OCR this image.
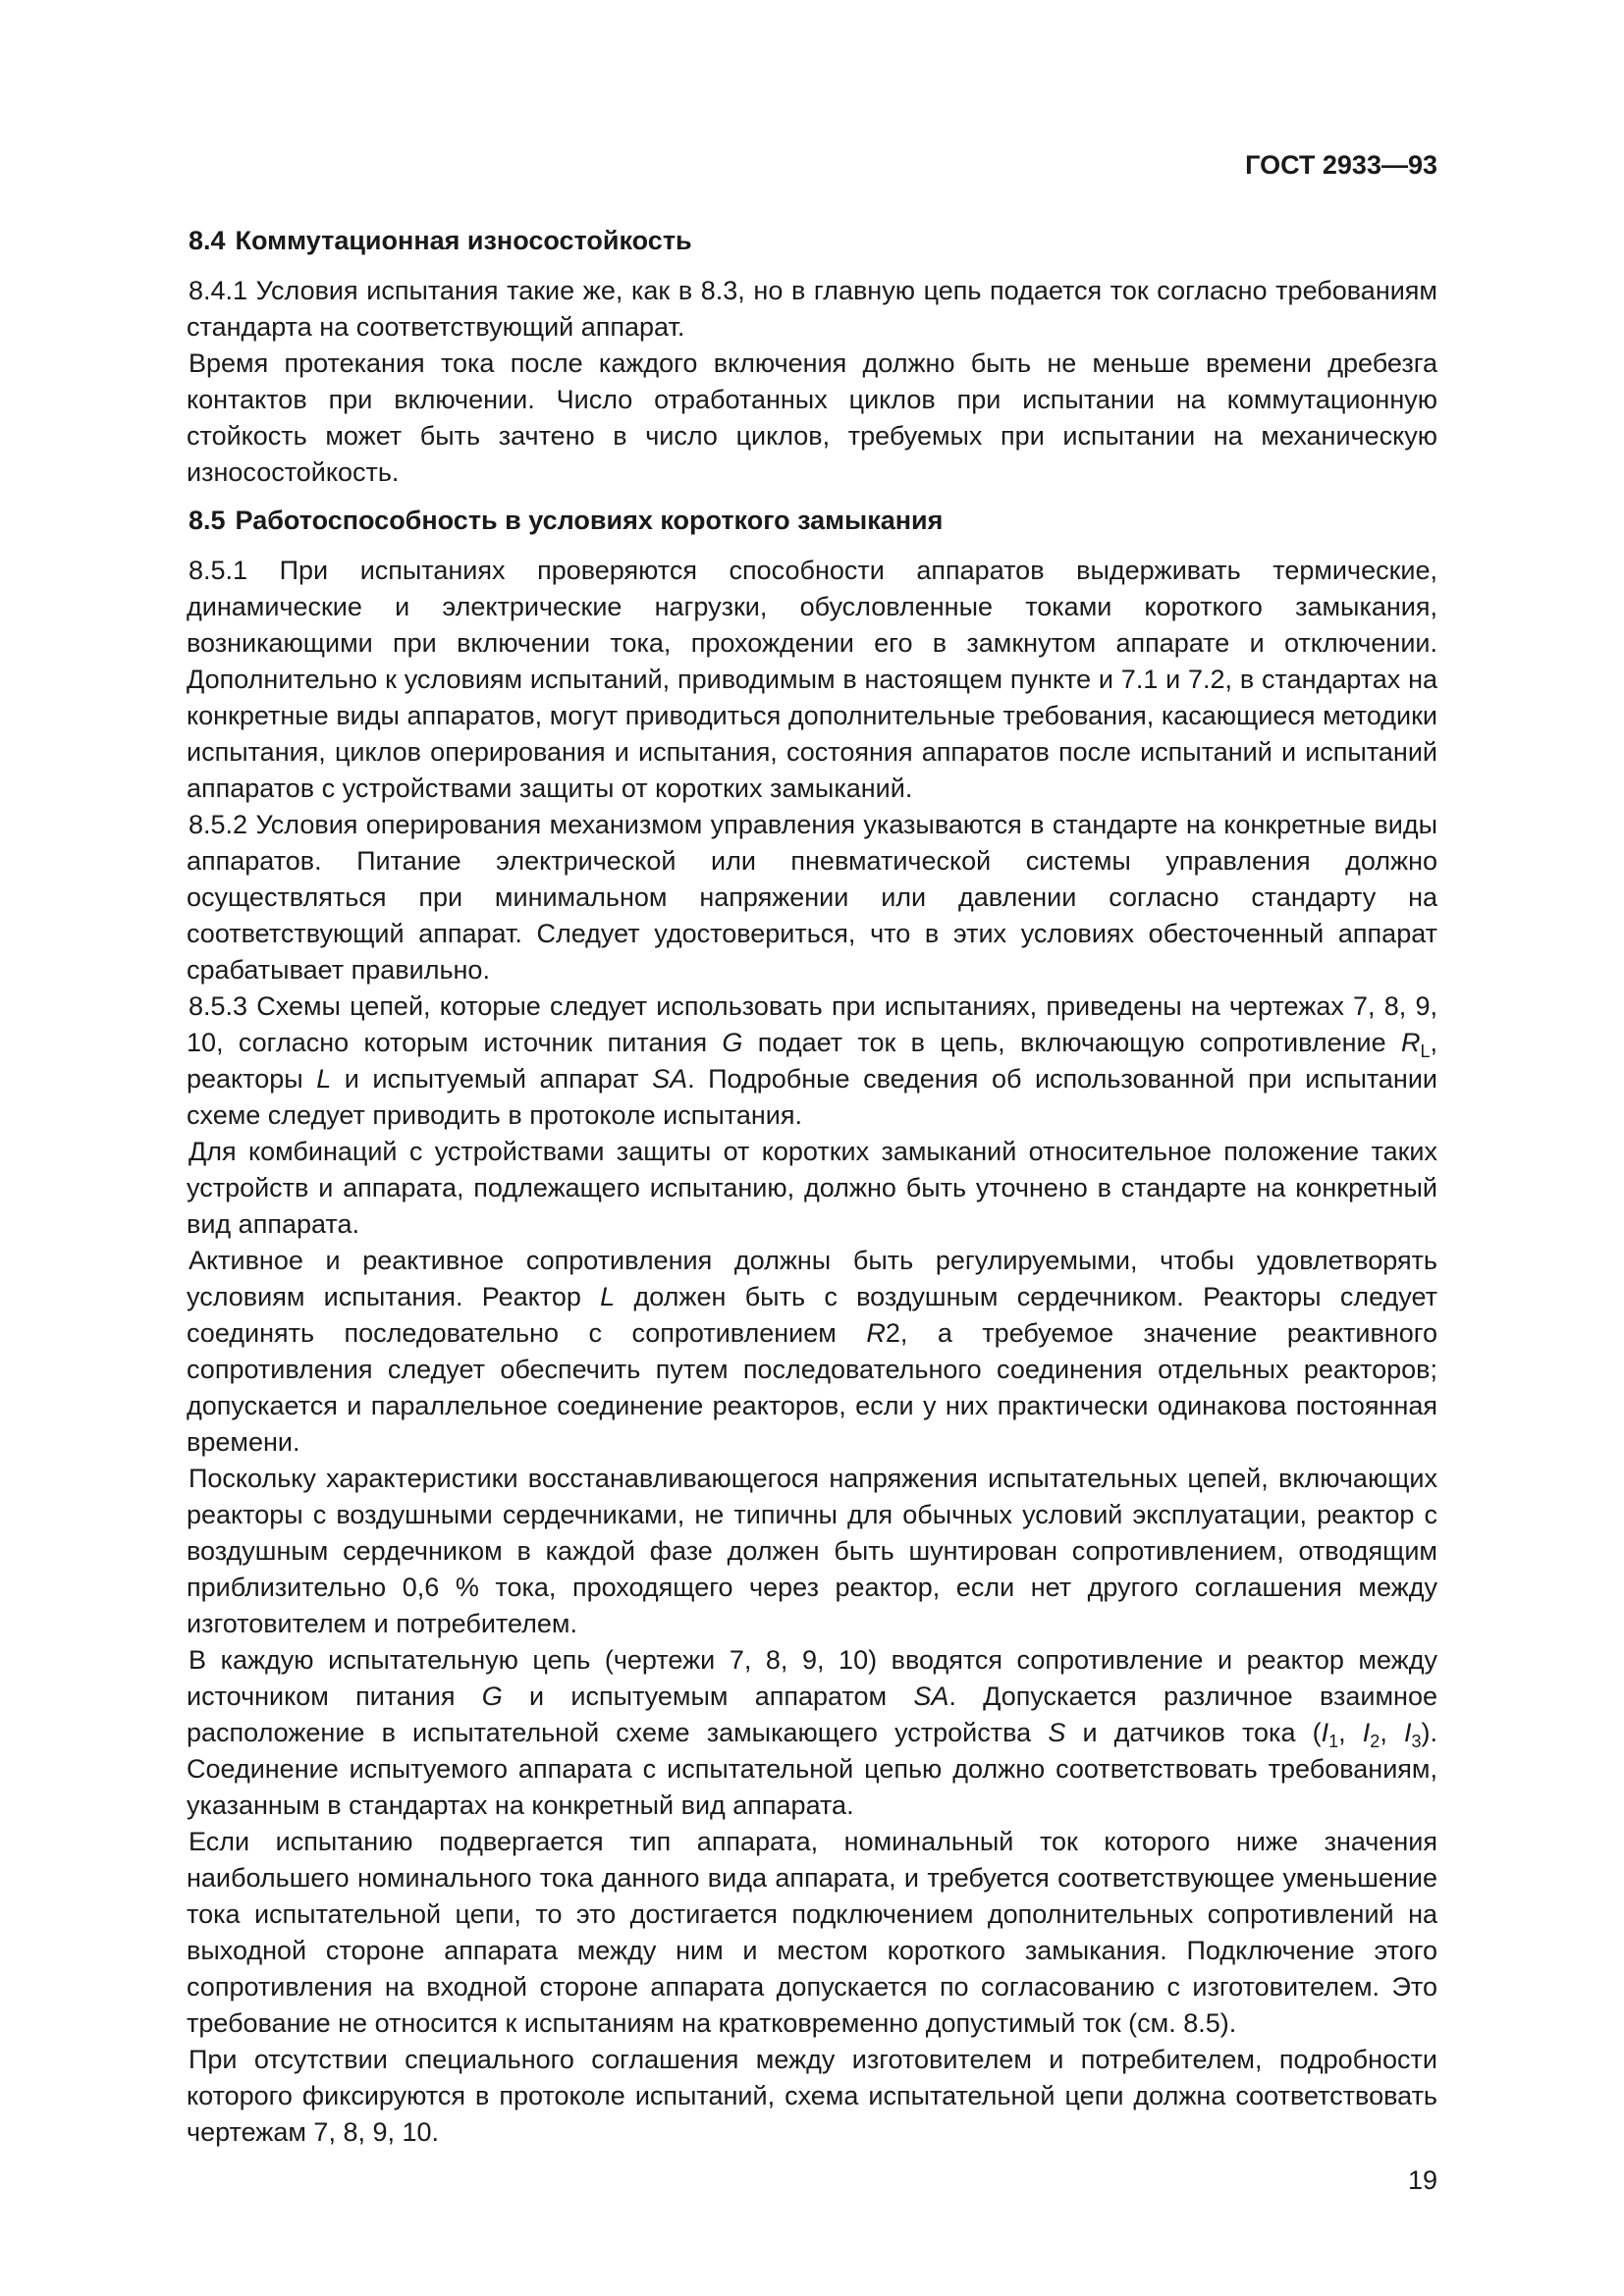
ГОСТ 2933—93
8.4 Коммутационная износостойкость

8.4.1 Условия испытания такие же, как в 8.3, но в главную цепь подается ток согласно требованиям стандарта на соответствующий аппарат.

Время протекания тока после каждого включения должно быть не меньше времени дребезга контактов при включении. Число отработанных циклов при испытании на коммутационную стойкость может быть зачтено в число циклов, требуемых при испытании на механическую износостойкость.

8.5 Работоспособность в условиях короткого замыкания

8.5.1 При испытаниях проверяются способности аппаратов выдерживать термические, динамические и электрические нагрузки, обусловленные токами короткого замыкания, возникающими при включении тока, прохождении его в замкнутом аппарате и отключении. Дополнительно к условиям испытаний, приводимым в настоящем пункте и 7.1 и 7.2, в стандартах на конкретные виды аппаратов, могут приводиться дополнительные требования, касающиеся методики испытания, циклов оперирования и испытания, состояния аппаратов после испытаний и испытаний аппаратов с устройствами защиты от коротких замыканий.

8.5.2 Условия оперирования механизмом управления указываются в стандарте на конкретные виды аппаратов. Питание электрической или пневматической системы управления должно осуществляться при минимальном напряжении или давлении согласно стандарту на соответствующий аппарат. Следует удостовериться, что в этих условиях обесточенный аппарат срабатывает правильно.

8.5.3 Схемы цепей, которые следует использовать при испытаниях, приведены на чертежах 7, 8, 9, 10, согласно которым источник питания G подает ток в цепь, включающую сопротивление $R_L$, реакторы L и испытуемый аппарат SA. Подробные сведения об использованной при испытании схеме следует приводить в протоколе испытания.

Для комбинаций с устройствами защиты от коротких замыканий относительное положение таких устройств и аппарата, подлежащего испытанию, должно быть уточнено в стандарте на конкретный вид аппарата.

Активное и реактивное сопротивления должны быть регулируемыми, чтобы удовлетворять условиям испытания. Реактор L должен быть с воздушным сердечником. Реакторы следует соединять последовательно с сопротивлением R2, а требуемое значение реактивного сопротивления следует обеспечить путем последовательного соединения отдельных реакторов; допускается и параллельное соединение реакторов, если у них практически одинакова постоянная времени.

Поскольку характеристики восстанавливающегося напряжения испытательных цепей, включающих реакторы с воздушными сердечниками, не типичны для обычных условий эксплуатации, реактор с воздушным сердечником в каждой фазе должен быть шунтирован сопротивлением, отводящим приблизительно 0,6 % тока, проходящего через реактор, если нет другого соглашения между изготовителем и потребителем.

В каждую испытательную цепь (чертежи 7, 8, 9, 10) вводятся сопротивление и реактор между источником питания G и испытуемым аппаратом SA. Допускается различное взаимное расположение в испытательной схеме замыкающего устройства S и датчиков тока ($I_1$, $I_2$, $I_3$). Соединение испытуемого аппарата с испытательной цепью должно соответствовать требованиям, указанным в стандартах на конкретный вид аппарата.

Если испытанию подвергается тип аппарата, номинальный ток которого ниже значения наибольшего номинального тока данного вида аппарата, и требуется соответствующее уменьшение тока испытательной цепи, то это достигается подключением дополнительных сопротивлений на выходной стороне аппарата между ним и местом короткого замыкания. Подключение этого сопротивления на входной стороне аппарата допускается по согласованию с изготовителем. Это требование не относится к испытаниям на кратковременно допустимый ток (см. 8.5).

При отсутствии специального соглашения между изготовителем и потребителем, подробности которого фиксируются в протоколе испытаний, схема испытательной цепи должна соответствовать чертежам 7, 8, 9, 10.

19
